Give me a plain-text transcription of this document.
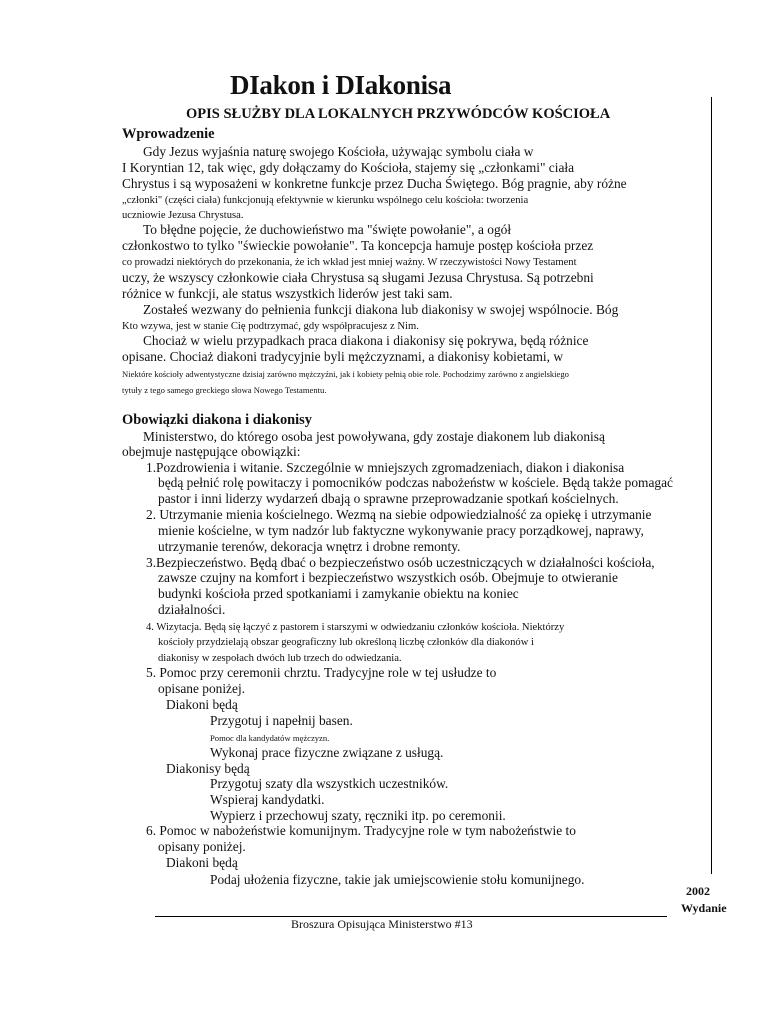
DIakon i DIakonisa
OPIS SŁUŻBY DLA LOKALNYCH PRZYWÓDCÓW KOŚCIOŁA
Wprowadzenie
Gdy Jezus wyjaśnia naturę swojego Kościoła, używając symbolu ciała w
I Koryntian 12, tak więc, gdy dołączamy do Kościoła, stajemy się „członkami" ciała
Chrystus i są wyposażeni w konkretne funkcje przez Ducha Świętego. Bóg pragnie, aby różne
„członki" (części ciała) funkcjonują efektywnie w kierunku wspólnego celu kościoła: tworzenia
uczniowie Jezusa Chrystusa.
To błędne pojęcie, że duchowieństwo ma "święte powołanie", a ogół
członkostwo to tylko "świeckie powołanie". Ta koncepcja hamuje postęp kościoła przez
co prowadzi niektórych do przekonania, że ich wkład jest mniej ważny. W rzeczywistości Nowy Testament
uczy, że wszyscy członkowie ciała Chrystusa są sługami Jezusa Chrystusa. Są potrzebni
różnice w funkcji, ale status wszystkich liderów jest taki sam.
Zostałeś wezwany do pełnienia funkcji diakona lub diakonisy w swojej wspólnocie. Bóg
Kto wzywa, jest w stanie Cię podtrzymać, gdy współpracujesz z Nim.
Chociaż w wielu przypadkach praca diakona i diakonisy się pokrywa, będą różnice
opisane. Chociaż diakoni tradycyjnie byli mężczyznami, a diakonisy kobietami, w
Niektóre kościoły adwentystyczne dzisiaj zarówno mężczyźni, jak i kobiety pełnią obie role. Pochodzimy zarówno z angielskiego
tytuły z tego samego greckiego słowa Nowego Testamentu.
Obowiązki diakona i diakonisy
Ministerstwo, do którego osoba jest powoływana, gdy zostaje diakonem lub diakonisą
obejmuje następujące obowiązki:
1.Pozdrowienia i witanie. Szczególnie w mniejszych zgromadzeniach, diakon i diakonisa
będą pełnić rolę powitaczy i pomocników podczas nabożeństw w kościele. Będą także pomagać
pastor i inni liderzy wydarzeń dbają o sprawne przeprowadzanie spotkań kościelnych.
2. Utrzymanie mienia kościelnego. Wezmą na siebie odpowiedzialność za opiekę i utrzymanie
mienie kościelne, w tym nadzór lub faktyczne wykonywanie pracy porządkowej, naprawy,
utrzymanie terenów, dekoracja wnętrz i drobne remonty.
3.Bezpieczeństwo. Będą dbać o bezpieczeństwo osób uczestniczących w działalności kościoła,
zawsze czujny na komfort i bezpieczeństwo wszystkich osób. Obejmuje to otwieranie
budynki kościoła przed spotkaniami i zamykanie obiektu na koniec
działalności.
4. Wizytacja. Będą się łączyć z pastorem i starszymi w odwiedzaniu członków kościoła. Niektórzy
kościoły przydzielają obszar geograficzny lub określoną liczbę członków dla diakonów i
diakonisy w zespołach dwóch lub trzech do odwiedzania.
5. Pomoc przy ceremonii chrztu. Tradycyjne role w tej usłudze to
opisane poniżej.
Diakoni będą
Przygotuj i napełnij basen.
Pomoc dla kandydatów mężczyzn.
Wykonaj prace fizyczne związane z usługą.
Diakonisy będą
Przygotuj szaty dla wszystkich uczestników.
Wspieraj kandydatki.
Wypierz i przechowuj szaty, ręczniki itp. po ceremonii.
6. Pomoc w nabożeństwie komunijnym. Tradycyjne role w tym nabożeństwie to
opisany poniżej.
Diakoni będą
Podaj ułożenia fizyczne, takie jak umiejscowienie stołu komunijnego.
2002
Wydanie
Broszura Opisująca Ministerstwo #13
